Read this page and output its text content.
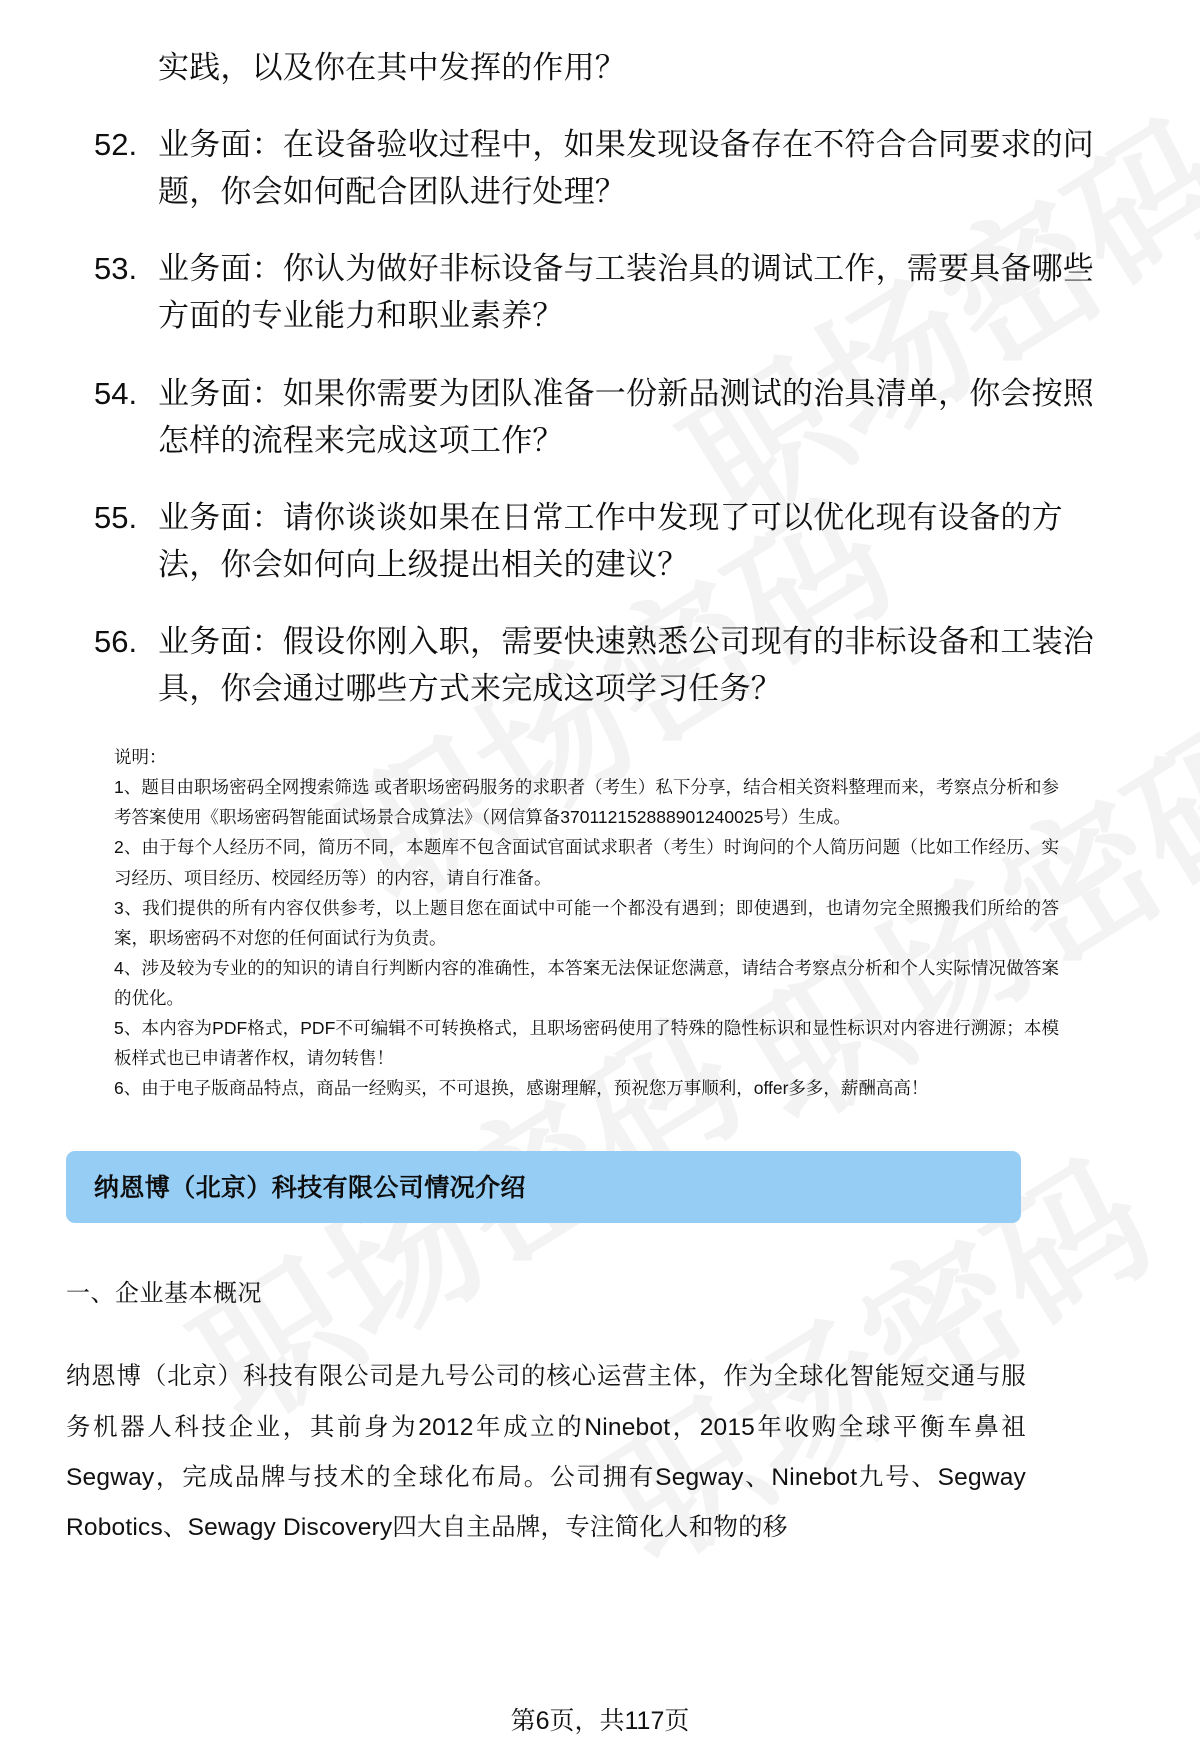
实践，以及你在其中发挥的作用？
52. 业务面：在设备验收过程中，如果发现设备存在不符合合同要求的问题，你会如何配合团队进行处理？
53. 业务面：你认为做好非标设备与工装治具的调试工作，需要具备哪些方面的专业能力和职业素养？
54. 业务面：如果你需要为团队准备一份新品测试的治具清单，你会按照怎样的流程来完成这项工作？
55. 业务面：请你谈谈如果在日常工作中发现了可以优化现有设备的方法，你会如何向上级提出相关的建议？
56. 业务面：假设你刚入职，需要快速熟悉公司现有的非标设备和工装治具，你会通过哪些方式来完成这项学习任务？

说明：

1、题目由职场密码全网搜索筛选 或者职场密码服务的求职者（考生）私下分享，结合相关资料整理而来，考察点分析和参考答案使用《职场密码智能面试场景合成算法》（网信算备370112152888901240025号）生成。

2、由于每个人经历不同，简历不同，本题库不包含面试官面试求职者（考生）时询问的个人简历问题（比如工作经历、实习经历、项目经历、校园经历等）的内容，请自行准备。

3、我们提供的所有内容仅供参考，以上题目您在面试中可能一个都没有遇到；即使遇到，也请勿完全照搬我们所给的答案，职场密码不对您的任何面试行为负责。

4、涉及较为专业的的知识的请自行判断内容的准确性，本答案无法保证您满意，请结合考察点分析和个人实际情况做答案的优化。

5、本内容为PDF格式，PDF不可编辑不可转换格式，且职场密码使用了特殊的隐性标识和显性标识对内容进行溯源；本模板样式也已申请著作权，请勿转售！

6、由于电子版商品特点，商品一经购买，不可退换，感谢理解，预祝您万事顺利，offer多多，薪酬高高！

纳恩博（北京）科技有限公司情况介绍
一、企业基本概况
纳恩博（北京）科技有限公司是九号公司的核心运营主体，作为全球化智能短交通与服务机器人科技企业，其前身为2012年成立的Ninebot，2015年收购全球平衡车鼻祖Segway，完成品牌与技术的全球化布局。公司拥有Segway、Ninebot九号、Segway Robotics、Sewagy Discovery四大自主品牌，专注简化人和物的移
第6页，共117页
